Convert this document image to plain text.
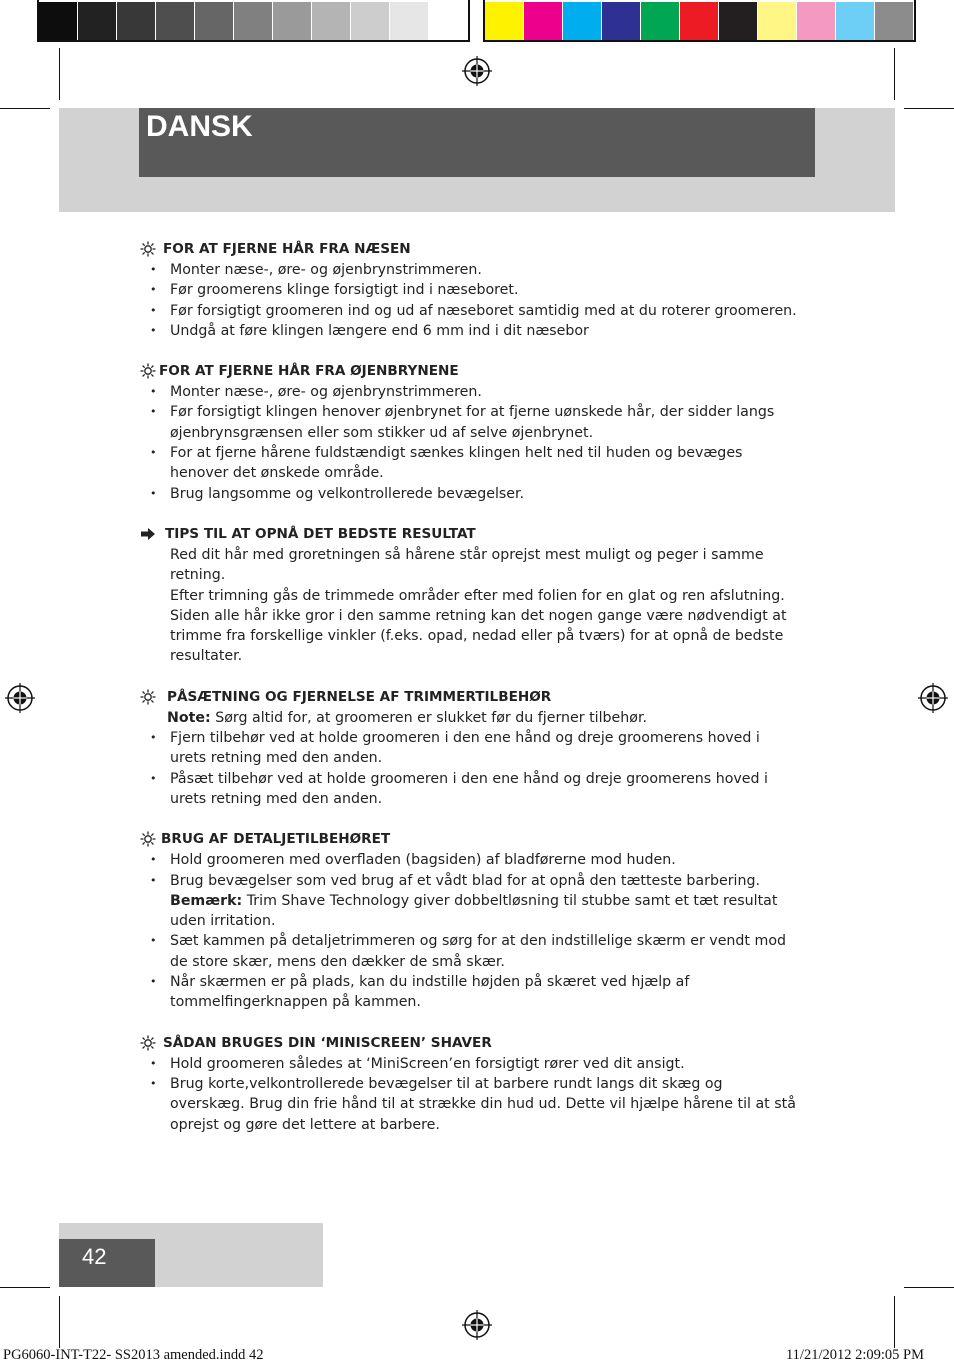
DANSK
FOR AT FJERNE HÅR FRA NÆSEN
• Monter næse-, øre- og øjenbrynstrimmeren.
• Før groomerens klinge forsigtigt ind i næseboret.
• Før forsigtigt groomeren ind og ud af næseboret samtidig med at du roterer groomeren.
• Undgå at føre klingen længere end 6 mm ind i dit næsebor
FOR AT FJERNE HÅR FRA ØJENBRYNENE
• Monter næse-, øre- og øjenbrynstrimmeren.
• Før forsigtigt klingen henover øjenbrynet for at fjerne uønskede hår, der sidder langs øjenbrynsgrænsen eller som stikker ud af selve øjenbrynet.
• For at fjerne hårene fuldstændigt sænkes klingen helt ned til huden og bevæges henover det ønskede område.
• Brug langsomme og velkontrollerede bevægelser.
TIPS TIL AT OPNÅ DET BEDSTE RESULTAT
Red dit hår med groretningen så hårene står oprejst mest muligt og peger i samme retning.
Efter trimning gås de trimmede områder efter med folien for en glat og ren afslutning.
Siden alle hår ikke gror i den samme retning kan det nogen gange være nødvendigt at trimme fra forskellige vinkler (f.eks. opad, nedad eller på tværs) for at opnå de bedste resultater.
PÅSÆTNING OG FJERNELSE AF TRIMMERTILBEHØR
Note: Sørg altid for, at groomeren er slukket før du fjerner tilbehør.
• Fjern tilbehør ved at holde groomeren i den ene hånd og dreje groomerens hoved i urets retning med den anden.
• Påsæt tilbehør ved at holde groomeren i den ene hånd og dreje groomerens hoved i urets retning med den anden.
BRUG AF DETALJETILBEHØRET
• Hold groomeren med overfladen (bagsiden) af bladførerne mod huden.
• Brug bevægelser som ved brug af et vådt blad for at opnå den tætteste barbering.
Bemærk: Trim Shave Technology giver dobbeltløsning til stubbe samt et tæt resultat uden irritation.
• Sæt kammen på detaljetrimmeren og sørg for at den indstillelige skærm er vendt mod de store skær, mens den dækker de små skær.
• Når skærmen er på plads, kan du indstille højden på skæret ved hjælp af tommelfingerknappen på kammen.
SÅDAN BRUGES DIN ‘MINISCREEN’ SHAVER
• Hold groomeren således at ‘MiniScreen’en forsigtigt rører ved dit ansigt.
• Brug korte,velkontrollerede bevægelser til at barbere rundt langs dit skæg og overskæg. Brug din frie hånd til at strække din hud ud. Dette vil hjælpe hårene til at stå oprejst og gøre det lettere at barbere.
42
PG6060-INT-T22- SS2013 amended.indd 42	11/21/2012 2:09:05 PM
